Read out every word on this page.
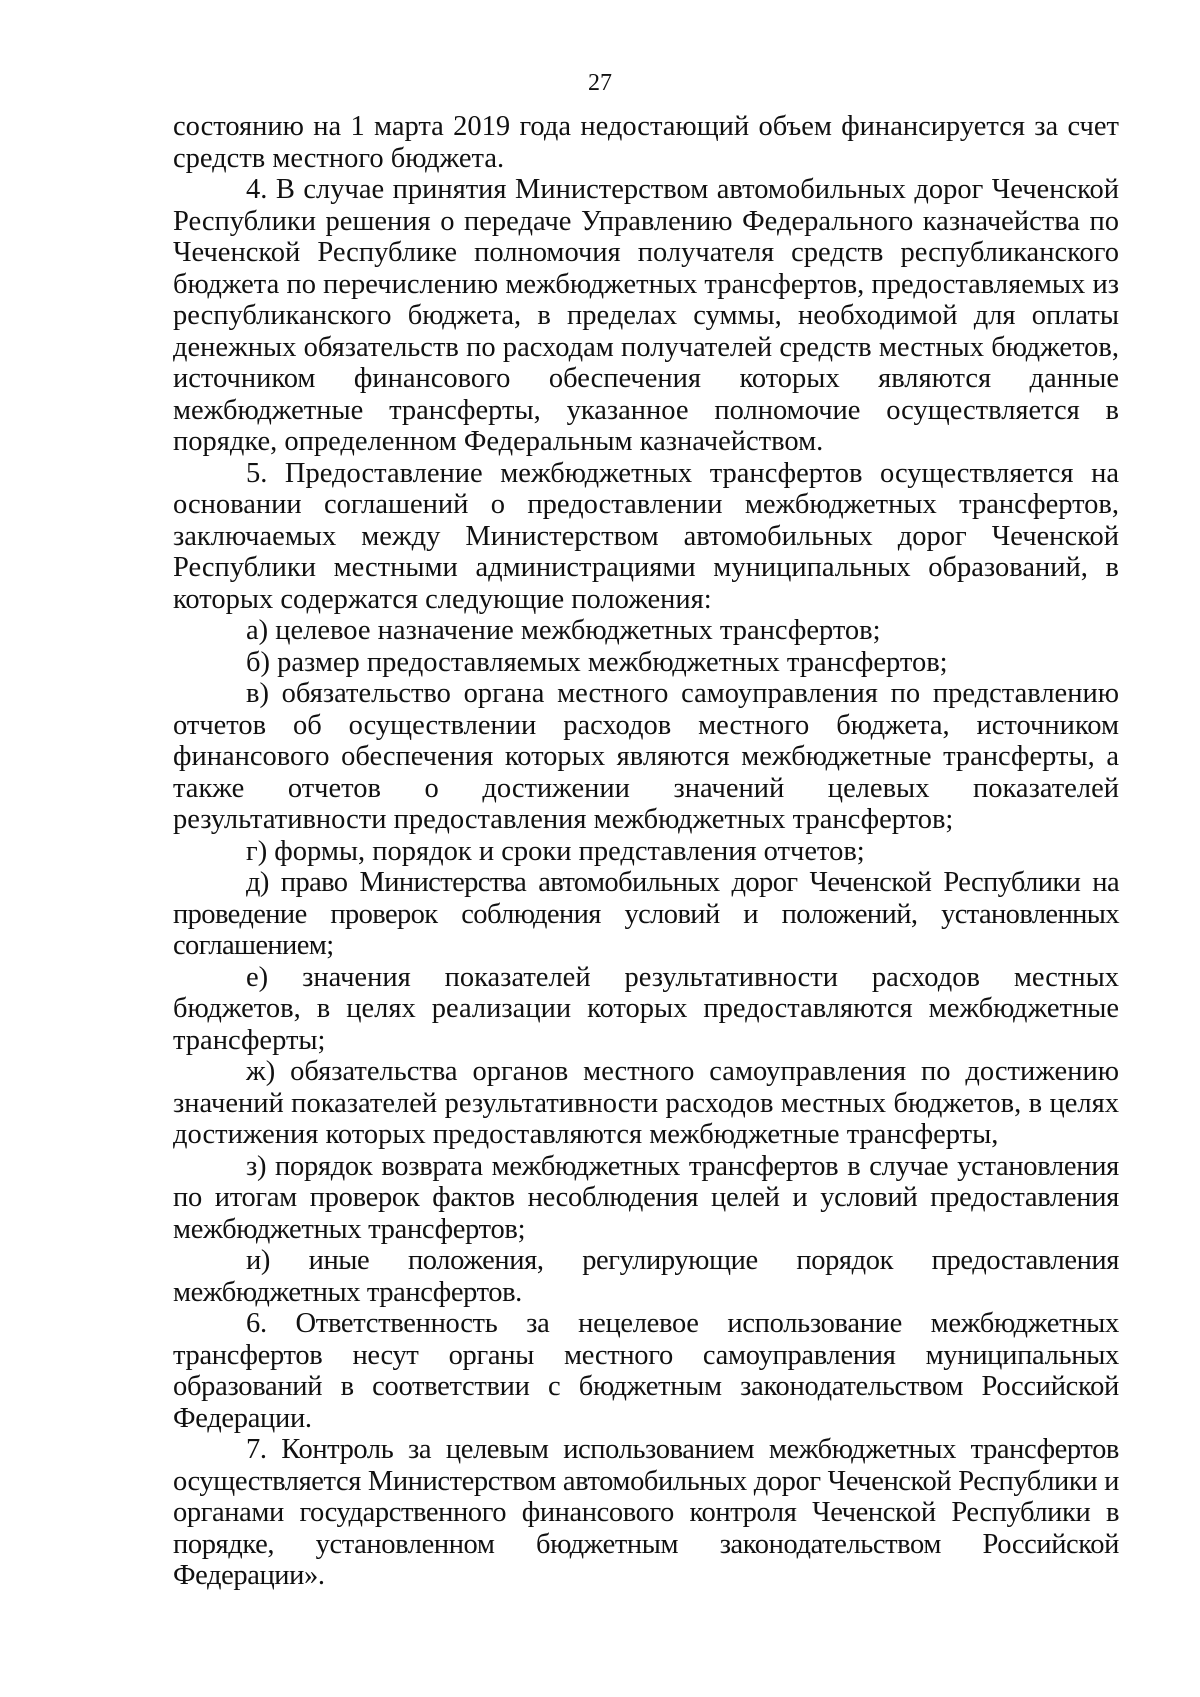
27

состоянию на 1 марта 2019 года недостающий объем финансируется за счет средств местного бюджета.

4. В случае принятия Министерством автомобильных дорог Чеченской Республики решения о передаче Управлению Федерального казначейства по Чеченской Республике полномочия получателя средств республиканского бюджета по перечислению межбюджетных трансфертов, предоставляемых из республиканского бюджета, в пределах суммы, необходимой для оплаты денежных обязательств по расходам получателей средств местных бюджетов, источником финансового обеспечения которых являются данные межбюджетные трансферты, указанное полномочие осуществляется в порядке, определенном Федеральным казначейством.

5. Предоставление межбюджетных трансфертов осуществляется на основании соглашений о предоставлении межбюджетных трансфертов, заключаемых между Министерством автомобильных дорог Чеченской Республики местными администрациями муниципальных образований, в которых содержатся следующие положения:

а) целевое назначение межбюджетных трансфертов;

б) размер предоставляемых межбюджетных трансфертов;

в) обязательство органа местного самоуправления по представлению отчетов об осуществлении расходов местного бюджета, источником финансового обеспечения которых являются межбюджетные трансферты, а также отчетов о достижении значений целевых показателей результативности предоставления межбюджетных трансфертов;

г) формы, порядок и сроки представления отчетов;

д) право Министерства автомобильных дорог Чеченской Республики на проведение проверок соблюдения условий и положений, установленных соглашением;

е) значения показателей результативности расходов местных бюджетов, в целях реализации которых предоставляются межбюджетные трансферты;

ж) обязательства органов местного самоуправления по достижению значений показателей результативности расходов местных бюджетов, в целях достижения которых предоставляются межбюджетные трансферты,

з) порядок возврата межбюджетных трансфертов в случае установления по итогам проверок фактов несоблюдения целей и условий предоставления межбюджетных трансфертов;

и) иные положения, регулирующие порядок предоставления межбюджетных трансфертов.

6. Ответственность за нецелевое использование межбюджетных трансфертов несут органы местного самоуправления муниципальных образований в соответствии с бюджетным законодательством Российской Федерации.

7. Контроль за целевым использованием межбюджетных трансфертов осуществляется Министерством автомобильных дорог Чеченской Республики и органами государственного финансового контроля Чеченской Республики в порядке, установленном бюджетным законодательством Российской Федерации».
